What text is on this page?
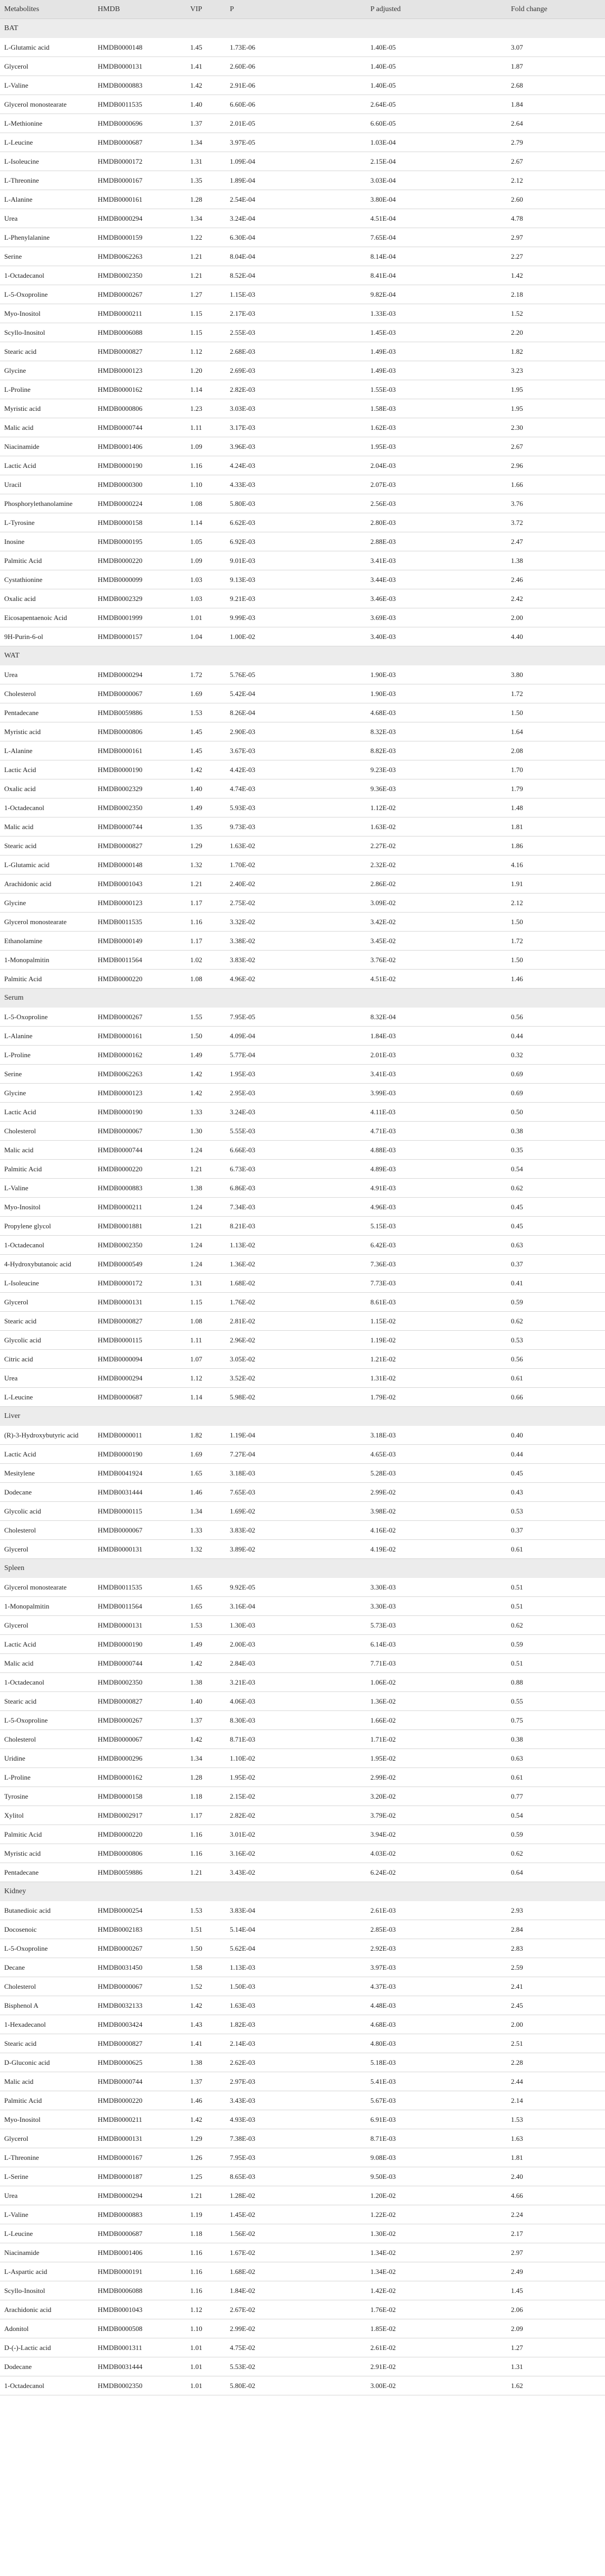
Metabolites	HMDB	VIP	P	P adjusted	Fold change
BAT					
L-Glutamic acid	HMDB0000148	1.45	1.73E-06	1.40E-05	3.07
Glycerol	HMDB0000131	1.41	2.60E-06	1.40E-05	1.87
L-Valine	HMDB0000883	1.42	2.91E-06	1.40E-05	2.68
Glycerol monostearate	HMDB0011535	1.40	6.60E-06	2.64E-05	1.84
L-Methionine	HMDB0000696	1.37	2.01E-05	6.60E-05	2.64
L-Leucine	HMDB0000687	1.34	3.97E-05	1.03E-04	2.79
L-Isoleucine	HMDB0000172	1.31	1.09E-04	2.15E-04	2.67
L-Threonine	HMDB0000167	1.35	1.89E-04	3.03E-04	2.12
L-Alanine	HMDB0000161	1.28	2.54E-04	3.80E-04	2.60
Urea	HMDB0000294	1.34	3.24E-04	4.51E-04	4.78
L-Phenylalanine	HMDB0000159	1.22	6.30E-04	7.65E-04	2.97
Serine	HMDB0062263	1.21	8.04E-04	8.14E-04	2.27
1-Octadecanol	HMDB0002350	1.21	8.52E-04	8.41E-04	1.42
L-5-Oxoproline	HMDB0000267	1.27	1.15E-03	9.82E-04	2.18
Myo-Inositol	HMDB0000211	1.15	2.17E-03	1.33E-03	1.52
Scyllo-Inositol	HMDB0006088	1.15	2.55E-03	1.45E-03	2.20
Stearic acid	HMDB0000827	1.12	2.68E-03	1.49E-03	1.82
Glycine	HMDB0000123	1.20	2.69E-03	1.49E-03	3.23
L-Proline	HMDB0000162	1.14	2.82E-03	1.55E-03	1.95
Myristic acid	HMDB0000806	1.23	3.03E-03	1.58E-03	1.95
Malic acid	HMDB0000744	1.11	3.17E-03	1.62E-03	2.30
Niacinamide	HMDB0001406	1.09	3.96E-03	1.95E-03	2.67
Lactic Acid	HMDB0000190	1.16	4.24E-03	2.04E-03	2.96
Uracil	HMDB0000300	1.10	4.33E-03	2.07E-03	1.66
Phosphorylethanolamine	HMDB0000224	1.08	5.80E-03	2.56E-03	3.76
L-Tyrosine	HMDB0000158	1.14	6.62E-03	2.80E-03	3.72
Inosine	HMDB0000195	1.05	6.92E-03	2.88E-03	2.47
Palmitic Acid	HMDB0000220	1.09	9.01E-03	3.41E-03	1.38
Cystathionine	HMDB0000099	1.03	9.13E-03	3.44E-03	2.46
Oxalic acid	HMDB0002329	1.03	9.21E-03	3.46E-03	2.42
Eicosapentaenoic Acid	HMDB0001999	1.01	9.99E-03	3.69E-03	2.00
9H-Purin-6-ol	HMDB0000157	1.04	1.00E-02	3.40E-03	4.40
WAT					
Urea	HMDB0000294	1.72	5.76E-05	1.90E-03	3.80
Cholesterol	HMDB0000067	1.69	5.42E-04	1.90E-03	1.72
Pentadecane	HMDB0059886	1.53	8.26E-04	4.68E-03	1.50
Myristic acid	HMDB0000806	1.45	2.90E-03	8.32E-03	1.64
L-Alanine	HMDB0000161	1.45	3.67E-03	8.82E-03	2.08
Lactic Acid	HMDB0000190	1.42	4.42E-03	9.23E-03	1.70
Oxalic acid	HMDB0002329	1.40	4.74E-03	9.36E-03	1.79
1-Octadecanol	HMDB0002350	1.49	5.93E-03	1.12E-02	1.48
Malic acid	HMDB0000744	1.35	9.73E-03	1.63E-02	1.81
Stearic acid	HMDB0000827	1.29	1.63E-02	2.27E-02	1.86
L-Glutamic acid	HMDB0000148	1.32	1.70E-02	2.32E-02	4.16
Arachidonic acid	HMDB0001043	1.21	2.40E-02	2.86E-02	1.91
Glycine	HMDB0000123	1.17	2.75E-02	3.09E-02	2.12
Glycerol monostearate	HMDB0011535	1.16	3.32E-02	3.42E-02	1.50
Ethanolamine	HMDB0000149	1.17	3.38E-02	3.45E-02	1.72
1-Monopalmitin	HMDB0011564	1.02	3.83E-02	3.76E-02	1.50
Palmitic Acid	HMDB0000220	1.08	4.96E-02	4.51E-02	1.46
Serum					
L-5-Oxoproline	HMDB0000267	1.55	7.95E-05	8.32E-04	0.56
L-Alanine	HMDB0000161	1.50	4.09E-04	1.84E-03	0.44
L-Proline	HMDB0000162	1.49	5.77E-04	2.01E-03	0.32
Serine	HMDB0062263	1.42	1.95E-03	3.41E-03	0.69
Glycine	HMDB0000123	1.42	2.95E-03	3.99E-03	0.69
Lactic Acid	HMDB0000190	1.33	3.24E-03	4.11E-03	0.50
Cholesterol	HMDB0000067	1.30	5.55E-03	4.71E-03	0.38
Malic acid	HMDB0000744	1.24	6.66E-03	4.88E-03	0.35
Palmitic Acid	HMDB0000220	1.21	6.73E-03	4.89E-03	0.54
L-Valine	HMDB0000883	1.38	6.86E-03	4.91E-03	0.62
Myo-Inositol	HMDB0000211	1.24	7.34E-03	4.96E-03	0.45
Propylene glycol	HMDB0001881	1.21	8.21E-03	5.15E-03	0.45
1-Octadecanol	HMDB0002350	1.24	1.13E-02	6.42E-03	0.63
4-Hydroxybutanoic acid	HMDB0000549	1.24	1.36E-02	7.36E-03	0.37
L-Isoleucine	HMDB0000172	1.31	1.68E-02	7.73E-03	0.41
Glycerol	HMDB0000131	1.15	1.76E-02	8.61E-03	0.59
Stearic acid	HMDB0000827	1.08	2.81E-02	1.15E-02	0.62
Glycolic acid	HMDB0000115	1.11	2.96E-02	1.19E-02	0.53
Citric acid	HMDB0000094	1.07	3.05E-02	1.21E-02	0.56
Urea	HMDB0000294	1.12	3.52E-02	1.31E-02	0.61
L-Leucine	HMDB0000687	1.14	5.98E-02	1.79E-02	0.66
Liver					
(R)-3-Hydroxybutyric acid	HMDB0000011	1.82	1.19E-04	3.18E-03	0.40
Lactic Acid	HMDB0000190	1.69	7.27E-04	4.65E-03	0.44
Mesitylene	HMDB0041924	1.65	3.18E-03	5.28E-03	0.45
Dodecane	HMDB0031444	1.46	7.65E-03	2.99E-02	0.43
Glycolic acid	HMDB0000115	1.34	1.69E-02	3.98E-02	0.53
Cholesterol	HMDB0000067	1.33	3.83E-02	4.16E-02	0.37
Glycerol	HMDB0000131	1.32	3.89E-02	4.19E-02	0.61
Spleen					
Glycerol monostearate	HMDB0011535	1.65	9.92E-05	3.30E-03	0.51
1-Monopalmitin	HMDB0011564	1.65	3.16E-04	3.30E-03	0.51
Glycerol	HMDB0000131	1.53	1.30E-03	5.73E-03	0.62
Lactic Acid	HMDB0000190	1.49	2.00E-03	6.14E-03	0.59
Malic acid	HMDB0000744	1.42	2.84E-03	7.71E-03	0.51
1-Octadecanol	HMDB0002350	1.38	3.21E-03	1.06E-02	0.88
Stearic acid	HMDB0000827	1.40	4.06E-03	1.36E-02	0.55
L-5-Oxoproline	HMDB0000267	1.37	8.30E-03	1.66E-02	0.75
Cholesterol	HMDB0000067	1.42	8.71E-03	1.71E-02	0.38
Uridine	HMDB0000296	1.34	1.10E-02	1.95E-02	0.63
L-Proline	HMDB0000162	1.28	1.95E-02	2.99E-02	0.61
Tyrosine	HMDB0000158	1.18	2.15E-02	3.20E-02	0.77
Xylitol	HMDB0002917	1.17	2.82E-02	3.79E-02	0.54
Palmitic Acid	HMDB0000220	1.16	3.01E-02	3.94E-02	0.59
Myristic acid	HMDB0000806	1.16	3.16E-02	4.03E-02	0.62
Pentadecane	HMDB0059886	1.21	3.43E-02	6.24E-02	0.64
Kidney					
Butanedioic acid	HMDB0000254	1.53	3.83E-04	2.61E-03	2.93
Docosenoic	HMDB0002183	1.51	5.14E-04	2.85E-03	2.84
L-5-Oxoproline	HMDB0000267	1.50	5.62E-04	2.92E-03	2.83
Decane	HMDB0031450	1.58	1.13E-03	3.97E-03	2.59
Cholesterol	HMDB0000067	1.52	1.50E-03	4.37E-03	2.41
Bisphenol A	HMDB0032133	1.42	1.63E-03	4.48E-03	2.45
1-Hexadecanol	HMDB0003424	1.43	1.82E-03	4.68E-03	2.00
Stearic acid	HMDB0000827	1.41	2.14E-03	4.80E-03	2.51
D-Gluconic acid	HMDB0000625	1.38	2.62E-03	5.18E-03	2.28
Malic acid	HMDB0000744	1.37	2.97E-03	5.41E-03	2.44
Palmitic Acid	HMDB0000220	1.46	3.43E-03	5.67E-03	2.14
Myo-Inositol	HMDB0000211	1.42	4.93E-03	6.91E-03	1.53
Glycerol	HMDB0000131	1.29	7.38E-03	8.71E-03	1.63
L-Threonine	HMDB0000167	1.26	7.95E-03	9.08E-03	1.81
L-Serine	HMDB0000187	1.25	8.65E-03	9.50E-03	2.40
Urea	HMDB0000294	1.21	1.28E-02	1.20E-02	4.66
L-Valine	HMDB0000883	1.19	1.45E-02	1.22E-02	2.24
L-Leucine	HMDB0000687	1.18	1.56E-02	1.30E-02	2.17
Niacinamide	HMDB0001406	1.16	1.67E-02	1.34E-02	2.97
L-Aspartic acid	HMDB0000191	1.16	1.68E-02	1.34E-02	2.49
Scyllo-Inositol	HMDB0006088	1.16	1.84E-02	1.42E-02	1.45
Arachidonic acid	HMDB0001043	1.12	2.67E-02	1.76E-02	2.06
Adonitol	HMDB0000508	1.10	2.99E-02	1.85E-02	2.09
D-(-)-Lactic acid	HMDB0001311	1.01	4.75E-02	2.61E-02	1.27
Dodecane	HMDB0031444	1.01	5.53E-02	2.91E-02	1.31
1-Octadecanol	HMDB0002350	1.01	5.80E-02	3.00E-02	1.62
